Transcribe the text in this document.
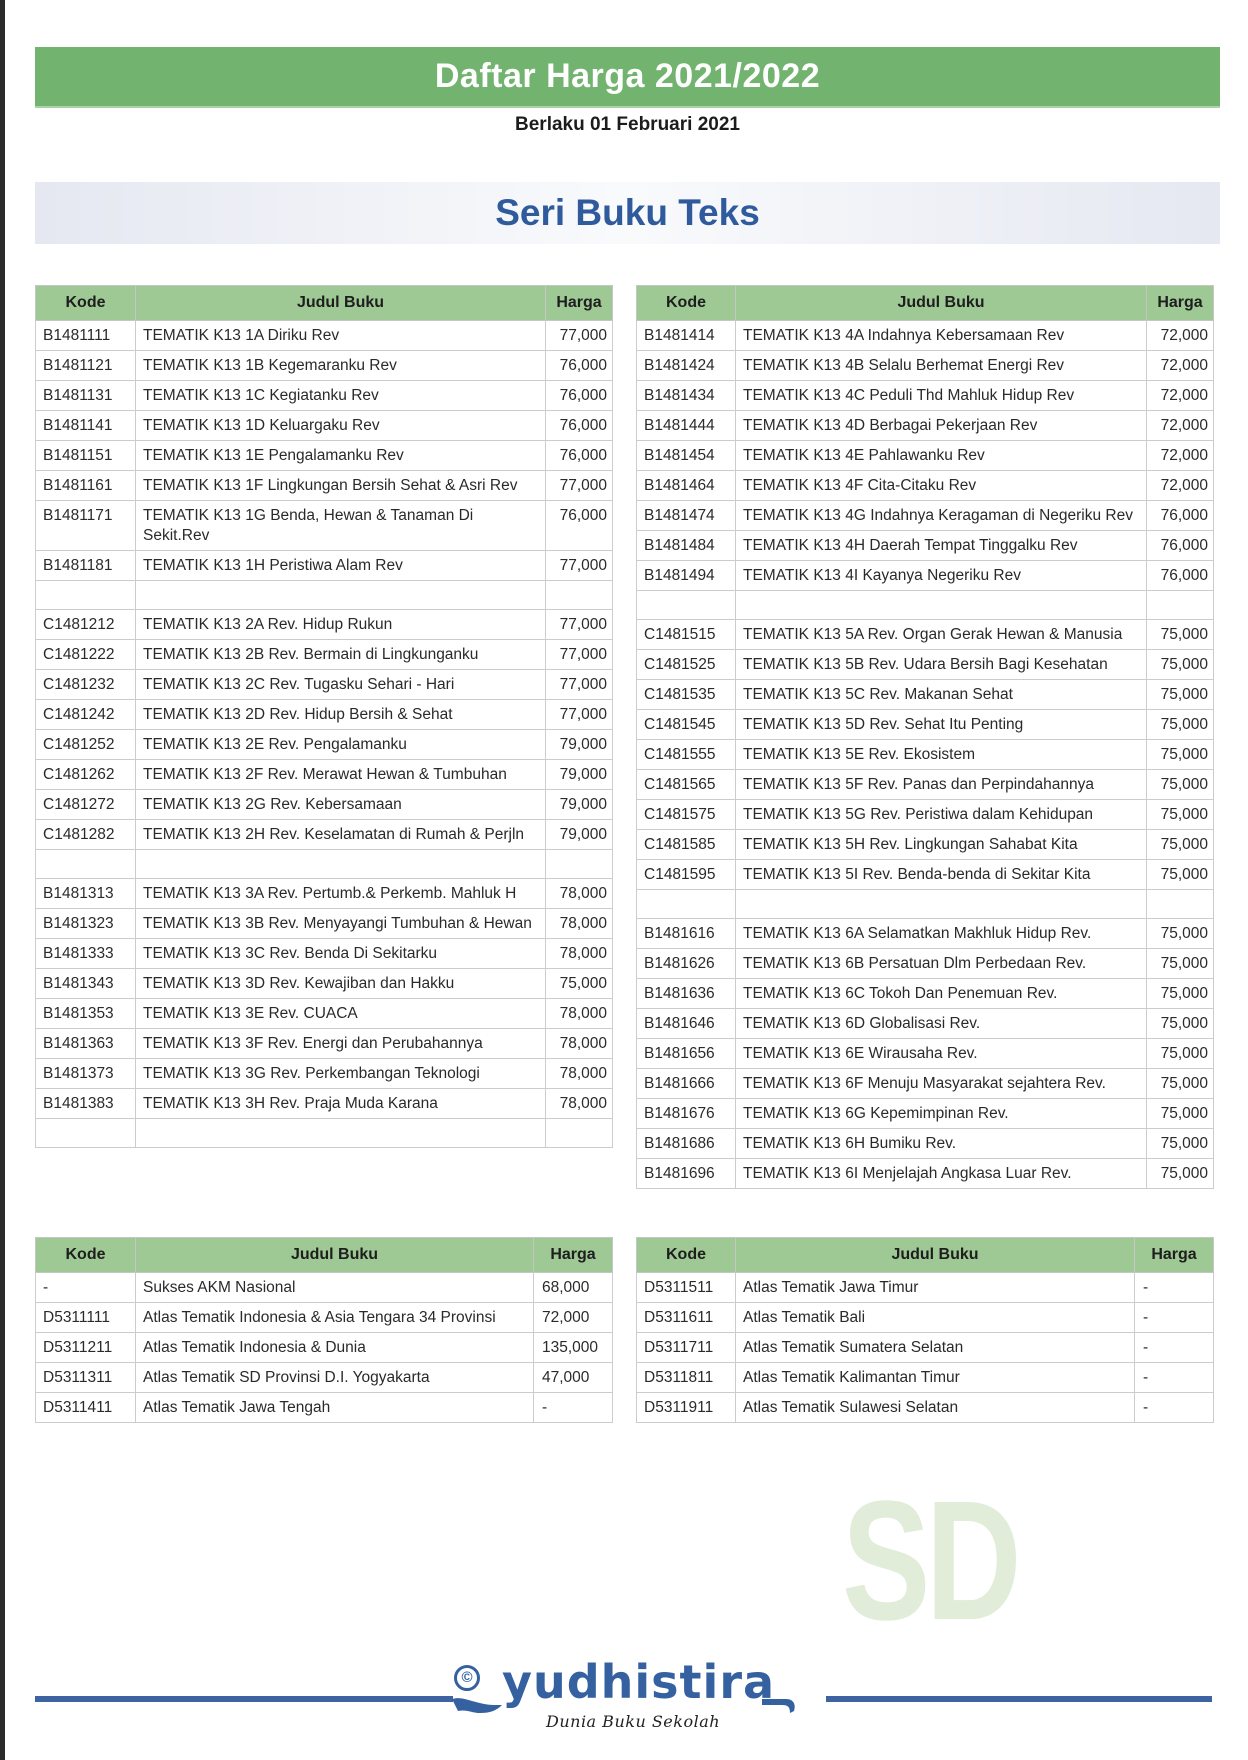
Daftar Harga 2021/2022
Berlaku 01 Februari 2021
Seri Buku Teks
Kode	Judul Buku	Harga
B1481111	TEMATIK K13 1A Diriku Rev	77,000
B1481121	TEMATIK K13 1B Kegemaranku Rev	76,000
B1481131	TEMATIK K13 1C Kegiatanku Rev	76,000
B1481141	TEMATIK K13 1D Keluargaku Rev	76,000
B1481151	TEMATIK K13 1E Pengalamanku Rev	76,000
B1481161	TEMATIK K13 1F Lingkungan Bersih Sehat & Asri Rev	77,000
B1481171	TEMATIK K13 1G Benda, Hewan & Tanaman Di Sekit.Rev	76,000
B1481181	TEMATIK K13 1H Peristiwa Alam Rev	77,000

C1481212	TEMATIK K13 2A Rev. Hidup Rukun	77,000
C1481222	TEMATIK K13 2B Rev. Bermain di Lingkunganku	77,000
C1481232	TEMATIK K13 2C Rev. Tugasku Sehari - Hari	77,000
C1481242	TEMATIK K13 2D Rev. Hidup Bersih & Sehat	77,000
C1481252	TEMATIK K13 2E Rev. Pengalamanku	79,000
C1481262	TEMATIK K13 2F Rev. Merawat Hewan & Tumbuhan	79,000
C1481272	TEMATIK K13 2G Rev. Kebersamaan	79,000
C1481282	TEMATIK K13 2H Rev. Keselamatan di Rumah & Perjln	79,000

B1481313	TEMATIK K13 3A Rev. Pertumb.& Perkemb. Mahluk H	78,000
B1481323	TEMATIK K13 3B Rev. Menyayangi Tumbuhan & Hewan	78,000
B1481333	TEMATIK K13 3C Rev. Benda Di Sekitarku	78,000
B1481343	TEMATIK K13 3D Rev. Kewajiban dan Hakku	75,000
B1481353	TEMATIK K13 3E Rev. CUACA	78,000
B1481363	TEMATIK K13 3F Rev. Energi dan Perubahannya	78,000
B1481373	TEMATIK K13 3G Rev. Perkembangan Teknologi	78,000
B1481383	TEMATIK K13 3H Rev. Praja Muda Karana	78,000

Kode	Judul Buku	Harga
B1481414	TEMATIK K13 4A Indahnya Kebersamaan Rev	72,000
B1481424	TEMATIK K13 4B Selalu Berhemat Energi Rev	72,000
B1481434	TEMATIK K13 4C Peduli Thd Mahluk Hidup Rev	72,000
B1481444	TEMATIK K13 4D Berbagai Pekerjaan Rev	72,000
B1481454	TEMATIK K13 4E Pahlawanku Rev	72,000
B1481464	TEMATIK K13 4F Cita-Citaku Rev	72,000
B1481474	TEMATIK K13 4G Indahnya Keragaman di Negeriku Rev	76,000
B1481484	TEMATIK K13 4H Daerah Tempat Tinggalku Rev	76,000
B1481494	TEMATIK K13 4I Kayanya Negeriku Rev	76,000

C1481515	TEMATIK K13 5A Rev. Organ Gerak Hewan & Manusia	75,000
C1481525	TEMATIK K13 5B Rev. Udara Bersih Bagi Kesehatan	75,000
C1481535	TEMATIK K13 5C Rev. Makanan Sehat	75,000
C1481545	TEMATIK K13 5D Rev. Sehat Itu Penting	75,000
C1481555	TEMATIK K13 5E Rev. Ekosistem	75,000
C1481565	TEMATIK K13 5F Rev. Panas dan Perpindahannya	75,000
C1481575	TEMATIK K13 5G Rev. Peristiwa dalam Kehidupan	75,000
C1481585	TEMATIK K13 5H Rev. Lingkungan Sahabat Kita	75,000
C1481595	TEMATIK K13 5I Rev. Benda-benda di Sekitar Kita	75,000

B1481616	TEMATIK K13 6A Selamatkan Makhluk Hidup Rev.	75,000
B1481626	TEMATIK K13 6B Persatuan Dlm Perbedaan Rev.	75,000
B1481636	TEMATIK K13 6C Tokoh Dan Penemuan Rev.	75,000
B1481646	TEMATIK K13 6D Globalisasi Rev.	75,000
B1481656	TEMATIK K13 6E Wirausaha Rev.	75,000
B1481666	TEMATIK K13 6F Menuju Masyarakat sejahtera Rev.	75,000
B1481676	TEMATIK K13 6G Kepemimpinan Rev.	75,000
B1481686	TEMATIK K13 6H Bumiku Rev.	75,000
B1481696	TEMATIK K13 6I Menjelajah Angkasa Luar Rev.	75,000
Kode	Judul Buku	Harga
-	Sukses AKM Nasional	68,000
D5311111	Atlas Tematik Indonesia & Asia Tengara 34 Provinsi	72,000
D5311211	Atlas Tematik Indonesia & Dunia	135,000
D5311311	Atlas Tematik SD Provinsi D.I. Yogyakarta	47,000
D5311411	Atlas Tematik Jawa Tengah	-
Kode	Judul Buku	Harga
D5311511	Atlas Tematik Jawa Timur	-
D5311611	Atlas Tematik Bali	-
D5311711	Atlas Tematik Sumatera Selatan	-
D5311811	Atlas Tematik Kalimantan Timur	-
D5311911	Atlas Tematik Sulawesi Selatan	-
SD
© yudhistira
Dunia Buku Sekolah
